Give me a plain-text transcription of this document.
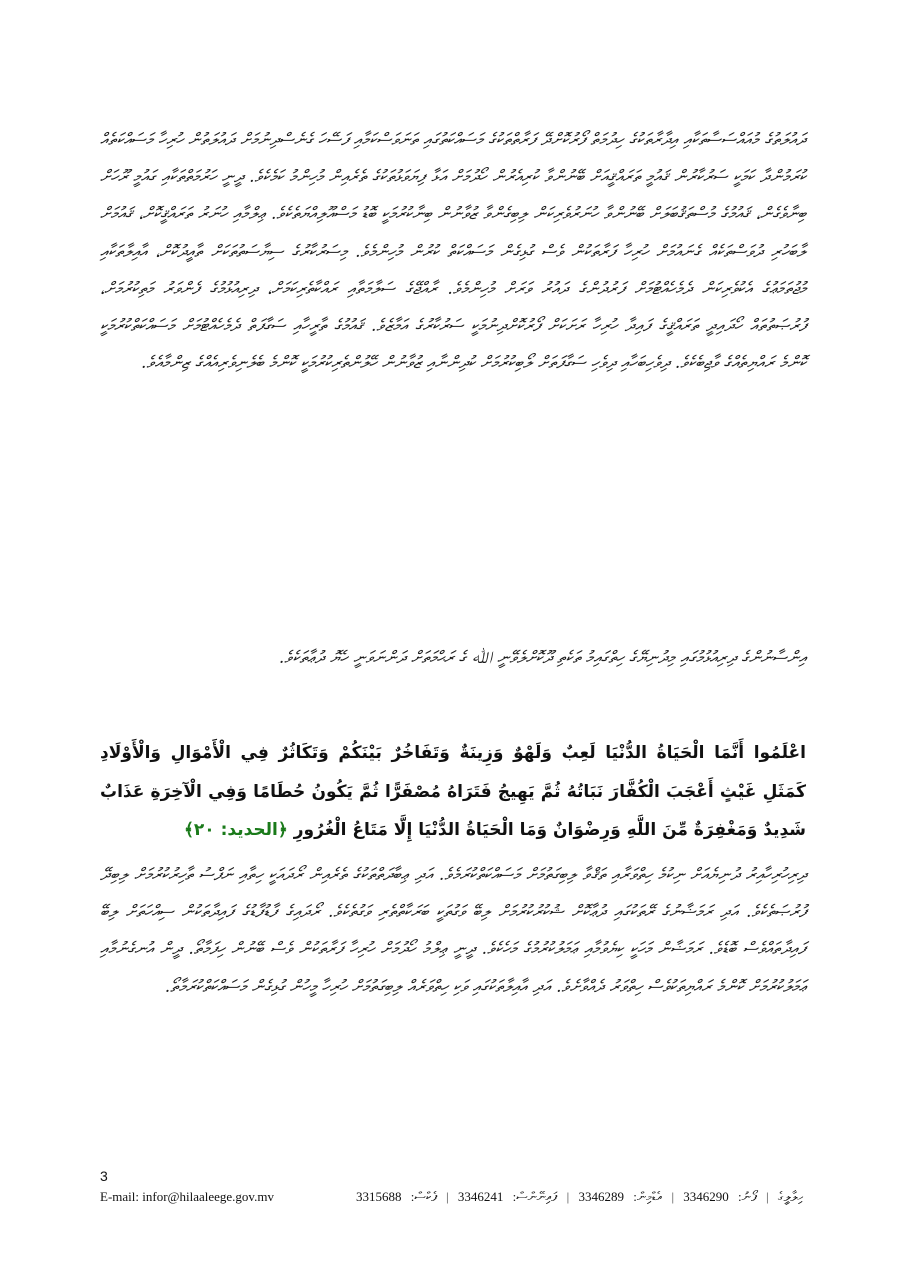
ދައުލަތުގެ މުއައްސަސާތަކާއި އިދާރާތަކުގެ ހިދުމަތް ފޯރުކޮށްދޭ ފަރާތްތަކުގެ މަސައްކަތުގައި ތަނަވަސްކަމާއި ފަސޭހަ ގެނެސްދިނުމަށް ދައުލަތުން ހުރިހާ މަސައްކަތެއް ކުރަމުންދާ ކަމަކީ ސަރުކާރުން ޤައުމީ ތަރައްޤީއަށް ބޭނުންވާ ކުރިއެރުން ހޯދުމަށް އަޅާ ފިޔަވަޅުތަކުގެ ތެރެއިން މުހިންމު ކަމެކެވެ. ދީނީ ހަރުމަތްތަކާއި ގައުމީ ރޫހަށް ބިނާވެގެން، ޤައުމުގެ މުސްތަޤުބަލަށް ބޭނުންވާ ހުނަރުވެރިކަން ލިބިގެންވާ ޒުވާނުން ބިނާކުރުމަކީ ބޮޑު މަސްއޫލިއްޔަތެކެވެ. ޢިލްމާއި ހުނަރު ތަރައްޤީކޮށް، ޤައުމަށް ލާބަހުރި ދުވަސްތަކެއް ގެނައުމަށް ހުރިހާ ފަރާތަކުން ވެސް ގުޅިގެން މަސައްކަތް ކުރުން މުހިންމެވެ. މިސަރުކާރުގެ ސިޔާސަތުތަކަށް ތާއީދުކޮށް، އާއިލާތަކާއި މުޖުތަމަޢުގެ އެކުވެރިކަން ދެމެހެއްޓުމަށް ފަރުދުންގެ ދައުރު ވަރަށް މުހިންމެވެ. ރާއްޖޭގެ ސަލާމަތާއި ރައްކާތެރިކަމަށް، ދިރިއުޅުމުގެ ފެންވަރު މަތިކުރުމަށް، ފުރުޞަތުތައް ހޯދައިދީ ތަރައްޤީގެ ފައިދާ ހުރިހާ ރަށަކަށް ފޯރުކޮށްދިނުމަކީ ސަރުކާރުގެ އަމާޒެވެ. ޤައުމުގެ ތާރީހާއި ސަގާފަތް ދެމެހެއްޓުމަށް މަސައްކަތްކުރުމަކީ ކޮންމެ ރައްޔިތެއްގެ ވާޖިބެކެވެ. ދިވެހިބަހާއި ދިވެހި ސަގާފަތަށް ލޯބިކުރުމަށް ކުދިންނާއި ޒުވާނުން ހޭލުންތެރިކުރުމަކީ ކޮންމެ ބެލެނިވެރިއެއްގެ ޒިންމާއެވެ.
އިންސާނުންގެ ދިރިއުޅުމުގައި މިދުނިޔޭގެ ހިތްގައިމު ތަކެތި ދޫކޮށްލެވޭނީ ﷲ ގެ ރަޙްމަތަށް ދަންނަވަނީ ހެޔޮ ދުޢާތަކެވެ.
اعْلَمُوا أَنَّمَا الْحَيَاةُ الدُّنْيَا لَعِبٌ وَلَهْوٌ وَزِينَةٌ وَتَفَاخُرٌ بَيْنَكُمْ وَتَكَاثُرٌ فِي الْأَمْوَالِ وَالْأَوْلَادِ كَمَثَلِ غَيْثٍ أَعْجَبَ الْكُفَّارَ نَبَاتُهُ ثُمَّ يَهِيجُ فَتَرَاهُ مُصْفَرًّا ثُمَّ يَكُونُ حُطَامًا وَفِي الْآخِرَةِ عَذَابٌ شَدِيدٌ وَمَغْفِرَةٌ مِّنَ اللَّهِ وَرِضْوَانٌ وَمَا الْحَيَاةُ الدُّنْيَا إِلَّا مَتَاعُ الْغُرُورِ ﴿الحديد: ٢٠﴾
ދިރިހުރިހާއިރު ދުނިޔެއަށް ނިކުމެ ހިތްވަރާއި ތަޤްވާ ލިބިގަތުމަށް މަސައްކަތްކުރަމެވެ. އަދި ޢިބާދަތްތަކުގެ ތެރެއިން ރޯދައަކީ ހިތާއި ނަފްސު ތާހިރުކުރުމަށް ލިބިދޭ ފުރުޞަތެކެވެ. އަދި ރަމަޟާނުގެ ރޭތަކުގައި ދުޢާކޮށް ޝުކުރުކުރުމަށް ލިބޭ ވަގުތަކީ ބަރަކާތްތެރި ވަގުތެކެވެ. ރޯދައިގެ ފާޑުފާޑުގެ ފައިދާތަކުން ސިއްހަތަށް ލިބޭ ފައިދާތައްވެސް ބޮޑެވެ. ރަމަޟާން މަހަކީ ކިޔެވުމާއި ޢަމަލުކުރުމުގެ މަހެކެވެ. ދީނީ ޢިލްމު ހޯދުމަށް ހުރިހާ ފަރާތަކުން ވެސް ބޭނުން ހިފަމާތޯ. ދީން އުނގެނުމާއި ޢަމަލުކުރުމަށް ކޮންމެ ރައްޔިތަކުވެސް ހިތްވަރު ދެއްވާށެވެ. އަދި އާއިލާތަކުގައި ވަކި ހިތްވަރެއް ލިބިގަތުމަށް ހުރިހާ މީހުން ގުޅިގެން މަސައްކަތްކުރަމާތޯ.
3
E-mail: infor@hilaaleege.gov.mv	ހިލާލީގެ | ފޯނު: 3346290 | އެޑްމިން: 3346289 | ފައިނޭންސް: 3346241 | ފެކްސް: 3315688
